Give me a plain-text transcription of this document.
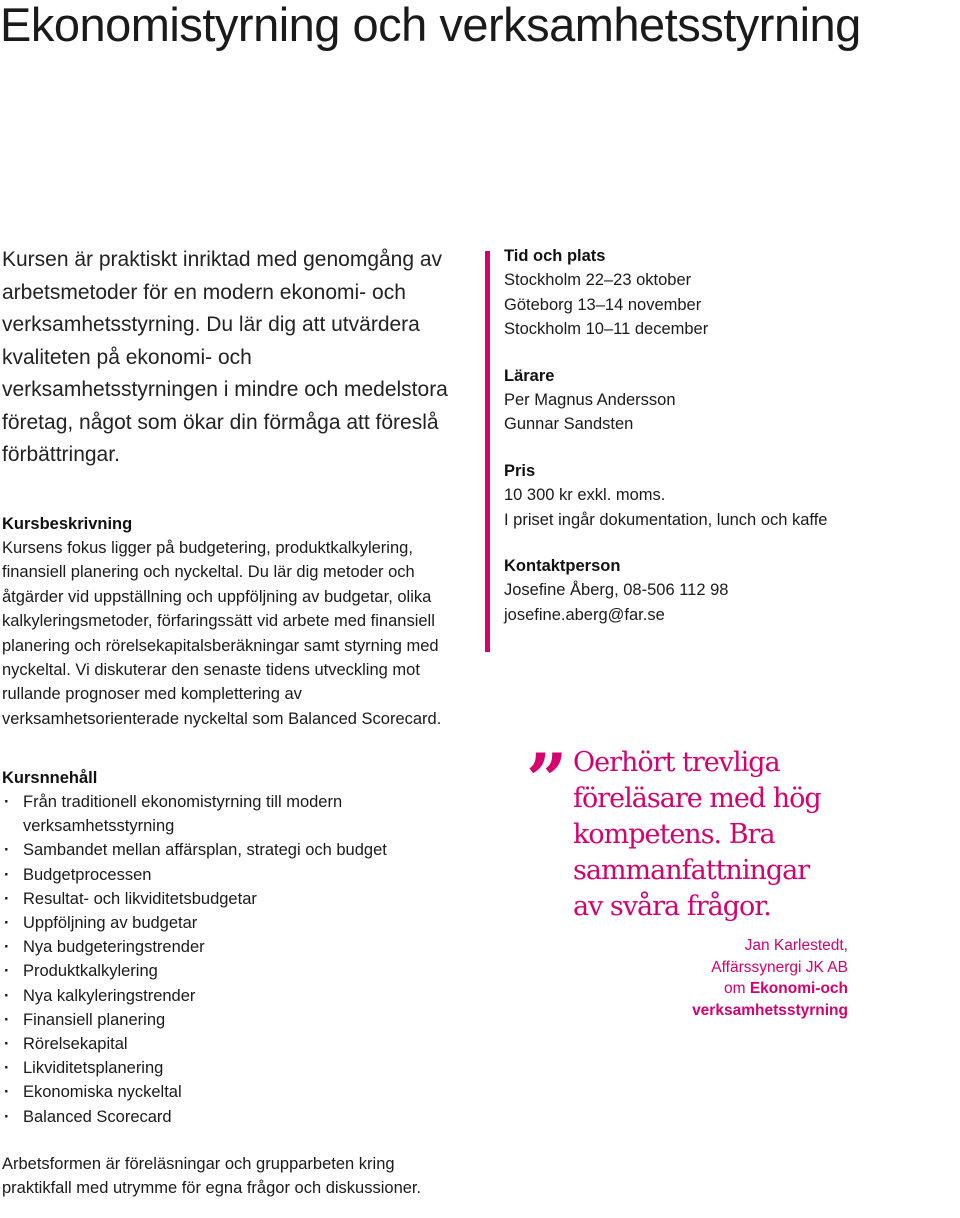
Ekonomistyrning och verksamhetsstyrning

Kursen är praktiskt inriktad med genomgång av arbetsmetoder för en modern ekonomi- och verksamhetsstyrning. Du lär dig att utvärdera kvaliteten på ekonomi- och verksamhetsstyrningen i mindre och medelstora företag, något som ökar din förmåga att föreslå förbättringar.

Kursbeskrivning

Kursens fokus ligger på budgetering, produktkalkylering, finansiell planering och nyckeltal. Du lär dig metoder och åtgärder vid uppställning och uppföljning av budgetar, olika kalkyleringsmetoder, förfaringssätt vid arbete med finansiell planering och rörelsekapitalsberäkningar samt styrning med nyckeltal. Vi diskuterar den senaste tidens utveckling mot rullande prognoser med komplettering av verksamhetsorienterade nyckeltal som Balanced Scorecard.

Kursnnehåll
· Från traditionell ekonomistyrning till modern verksamhetsstyrning
· Sambandet mellan affärsplan, strategi och budget
· Budgetprocessen
· Resultat- och likviditetsbudgetar
· Uppföljning av budgetar
· Nya budgeteringstrender
· Produktkalkylering
· Nya kalkyleringstrender
· Finansiell planering
· Rörelsekapital
· Likviditetsplanering
· Ekonomiska nyckeltal
· Balanced Scorecard
Arbetsformen är föreläsningar och grupparbeten kring praktikfall med utrymme för egna frågor och diskussioner.
Tid och plats
Stockholm 22–23 oktober
Göteborg 13–14 november
Stockholm 10–11 december
Lärare
Per Magnus Andersson
Gunnar Sandsten
Pris
10 300 kr exkl. moms.
I priset ingår dokumentation, lunch och kaffe
Kontaktperson
Josefine Åberg, 08-506 112 98
josefine.aberg@far.se
” Oerhört trevliga
föreläsare med hög
kompetens. Bra
sammanfattningar
av svåra frågor.
Jan Karlestedt,
Affärssynergi JK AB
om Ekonomi-och
verksamhetsstyrning
